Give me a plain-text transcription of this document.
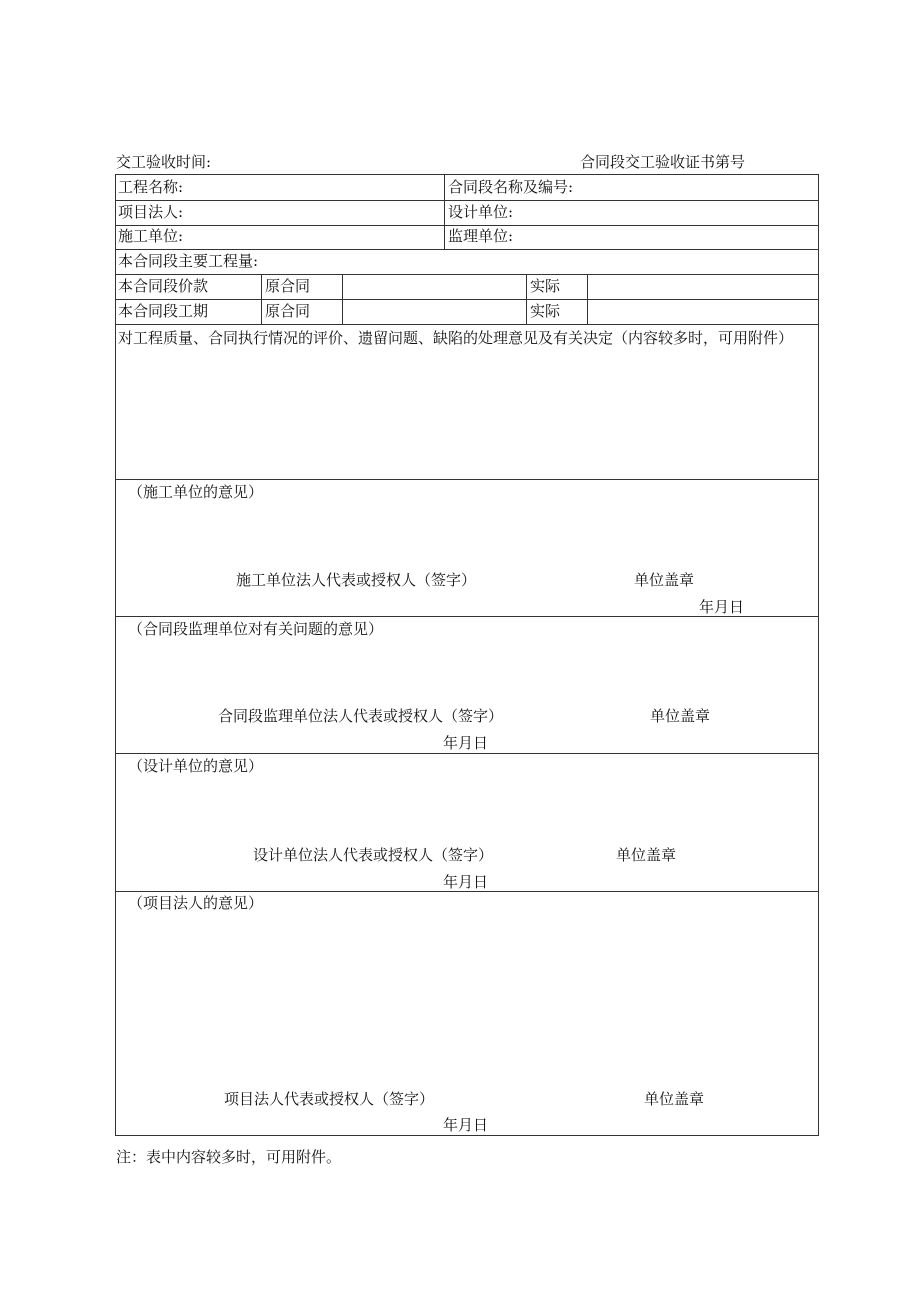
交工验收时间:	合同段交工验收证书第号
工程名称:	合同段名称及编号:
项目法人:	设计单位:
施工单位:	监理单位:
本合同段主要工程量:
本合同段价款	原合同	实际
本合同段工期	原合同	实际
对工程质量、合同执行情况的评价、遗留问题、缺陷的处理意见及有关决定（内容较多时，可用附件）
（施工单位的意见）
施工单位法人代表或授权人（签字）	单位盖章
年月日
（合同段监理单位对有关问题的意见）
合同段监理单位法人代表或授权人（签字）	单位盖章
年月日
（设计单位的意见）
设计单位法人代表或授权人（签字）	单位盖章
年月日
（项目法人的意见）
项目法人代表或授权人（签字）	单位盖章
年月日
注：表中内容较多时，可用附件。
